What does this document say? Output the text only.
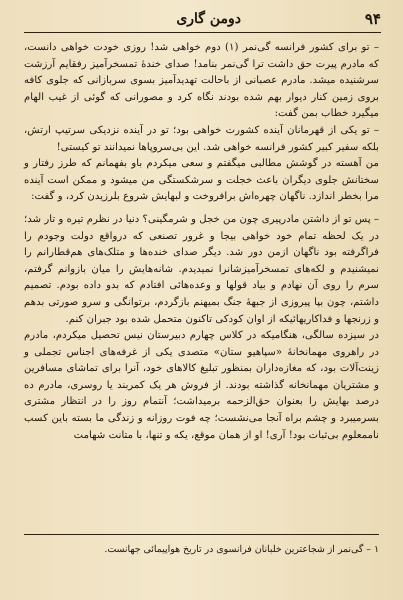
دومن گاری	۹۴

– تو برای کشور فرانسه گی‌نمر (۱) دوم خواهی شد! روزی خودت خواهی دانست، که مادرم پیرت حق داشت ترا گی‌نمر بنامد! صدای خندهٔ تمسخرآمیز رفقایم آرزشت سرشنیده میشد. مادرم عصبانی از باحالت تهدیدآمیز بسوی سربازانی که جلوی کافه بروی زمین کنار دیوار بهم شده بودند نگاه کرد و مصورانی که گوئی از غیب الهام میگیرد خطاب بمن گفت:

– تو یکی از قهرمانان آینده کشورت خواهی بود؛ تو در آینده نزدیکی سرتیپ ارتش، بلکه سفیر کبیر کشور فرانسه خواهی شد. این بی‌سروپاها نمیدانند تو کیستی!

من آهسته در گوشش مطالبی میگفتم و سعی میکردم باو بفهمانم که طرز رفتار و سختانش جلوی دیگران باعث خجلت و سرشکستگی من میشود و ممکن است آینده مرا بخطر اندازد. ناگهان چهره‌اش برافروخت و لبهایش شروع بلرزیدن کرد، و گفت:

– پس تو از داشتن مادرپیری چون من خجل و شرمگینی؟ دنیا در نظرم تیره و تار شد؛ در یک لحظه تمام خود خواهی بیجا و غرور تصنعی که درواقع دولت وجودم را فراگرفته بود ناگهان ازمن دور شد. دیگر صدای خنده‌ها و متلک‌های هم‌قطارانم را نمیشنیدم و لکه‌های تمسخرآمیزشانرا نمیدیدم. شانه‌هایش را میان بازوانم گرفتم، سرم را روی آن نهادم و بیاد قولها و وعده‌هائی افتادم که بدو داده بودم. تصمیم داشتم، چون بپا پیروزی از جبههٔ جنگ بمیهنم بازگردم، برتوانگی و سرو صورتی بدهم و زرنجها و فداکاریهائیکه از اوان کودکی تاکنون متحمل شده بود جبران کنم.

در سیزده سالگی، هنگامیکه در کلاس چهارم دبیرستان نیس تحصیل میکردم، مادرم در راهروی مهمانخانهٔ «سپاهیو ستان» متصدی یکی از غرفه‌های اجناس تجملی و زینت‌آلات بود، که مغازه‌داران بمنظور تبلیغ کالاهای خود، آنرا برای تماشای مسافرین و مشتریان مهمانخانه گذاشته بودند. از فروش هر یک کمربند یا روسری، مادرم ده درصد بهایش را بعنوان حق‌الزحمه برمیداشت؛ آنتمام روز را در انتظار مشتری بسرمیبرد و چشم براه آنجا می‌نشست؛ چه فوت روزانه و زندگی ما بسته باین کسب ناممعلوم بی‌ثبات بود! آری! او از همان موقع، یکه و تنها، با متانت شهامت

۱ – گی‌نمر از شجاعترین خلبانان فرانسوی در تاریخ هواپیمائی جهانست.
